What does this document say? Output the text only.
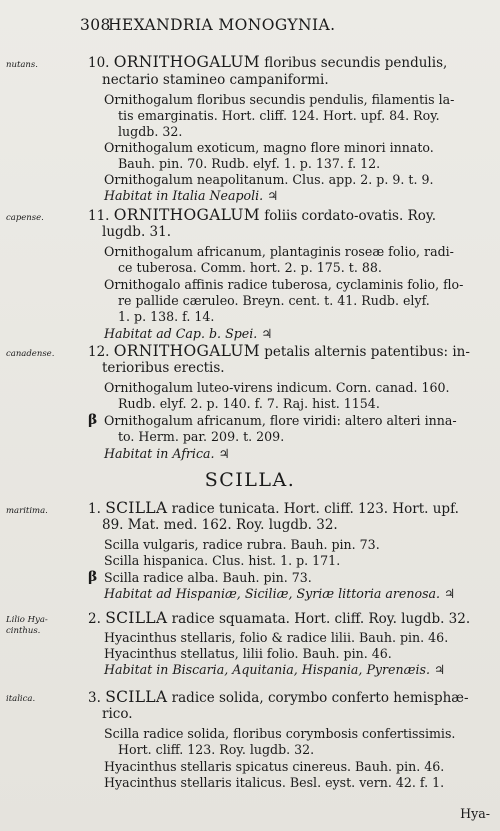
308
HEXANDRIA MONOGYNIA.
nutans.	10. ORNITHOGALUM floribus secundis pendulis,
nectario stamineo campaniformi.
Ornithogalum floribus secundis pendulis, filamentis la-
tis emarginatis. Hort. cliff. 124. Hort. upf. 84. Roy.
lugdb. 32.
Ornithogalum exoticum, magno flore minori innato.
Bauh. pin. 70. Rudb. elyf. 1. p. 137. f. 12.
Ornithogalum neapolitanum. Clus. app. 2. p. 9. t. 9.
Habitat in Italia Neapoli. ♃
capense.	11. ORNITHOGALUM foliis cordato-ovatis. Roy.
lugdb. 31.
Ornithogalum africanum, plantaginis roseæ folio, radi-
ce tuberosa. Comm. hort. 2. p. 175. t. 88.
Ornithogalo affinis radice tuberosa, cyclaminis folio, flo-
re pallide cæruleo. Breyn. cent. t. 41. Rudb. elyf.
1. p. 138. f. 14.
Habitat ad Cap. b. Spei. ♃
canadense.	12. ORNITHOGALUM petalis alternis patentibus: in-
terioribus erectis.
Ornithogalum luteo-virens indicum. Corn. canad. 160.
Rudb. elyf. 2. p. 140. f. 7. Raj. hist. 1154.
β Ornithogalum africanum, flore viridi: altero alteri inna-
to. Herm. par. 209. t. 209.
Habitat in Africa. ♃
SCILLA.
maritima.	1. SCILLA radice tunicata. Hort. cliff. 123. Hort. upf.
89. Mat. med. 162. Roy. lugdb. 32.
Scilla vulgaris, radice rubra. Bauh. pin. 73.
Scilla hispanica. Clus. hist. 1. p. 171.
β Scilla radice alba. Bauh. pin. 73.
Habitat ad Hispaniæ, Siciliæ, Syriæ littoria arenosa. ♃
Lilio Hya- cinthus.
2. SCILLA radice squamata. Hort. cliff. Roy. lugdb. 32.
Hyacinthus stellaris, folio & radice lilii. Bauh. pin. 46.
Hyacinthus stellatus, lilii folio. Bauh. pin. 46.
Habitat in Biscaria, Aquitania, Hispania, Pyrenæis. ♃
italica.	3. SCILLA radice solida, corymbo conferto hemisphæ-
rico.
Scilla radice solida, floribus corymbosis confertissimis.
Hort. cliff. 123. Roy. lugdb. 32.
Hyacinthus stellaris spicatus cinereus. Bauh. pin. 46.
Hyacinthus stellaris italicus. Besl. eyst. vern. 42. f. 1.
Hya-
